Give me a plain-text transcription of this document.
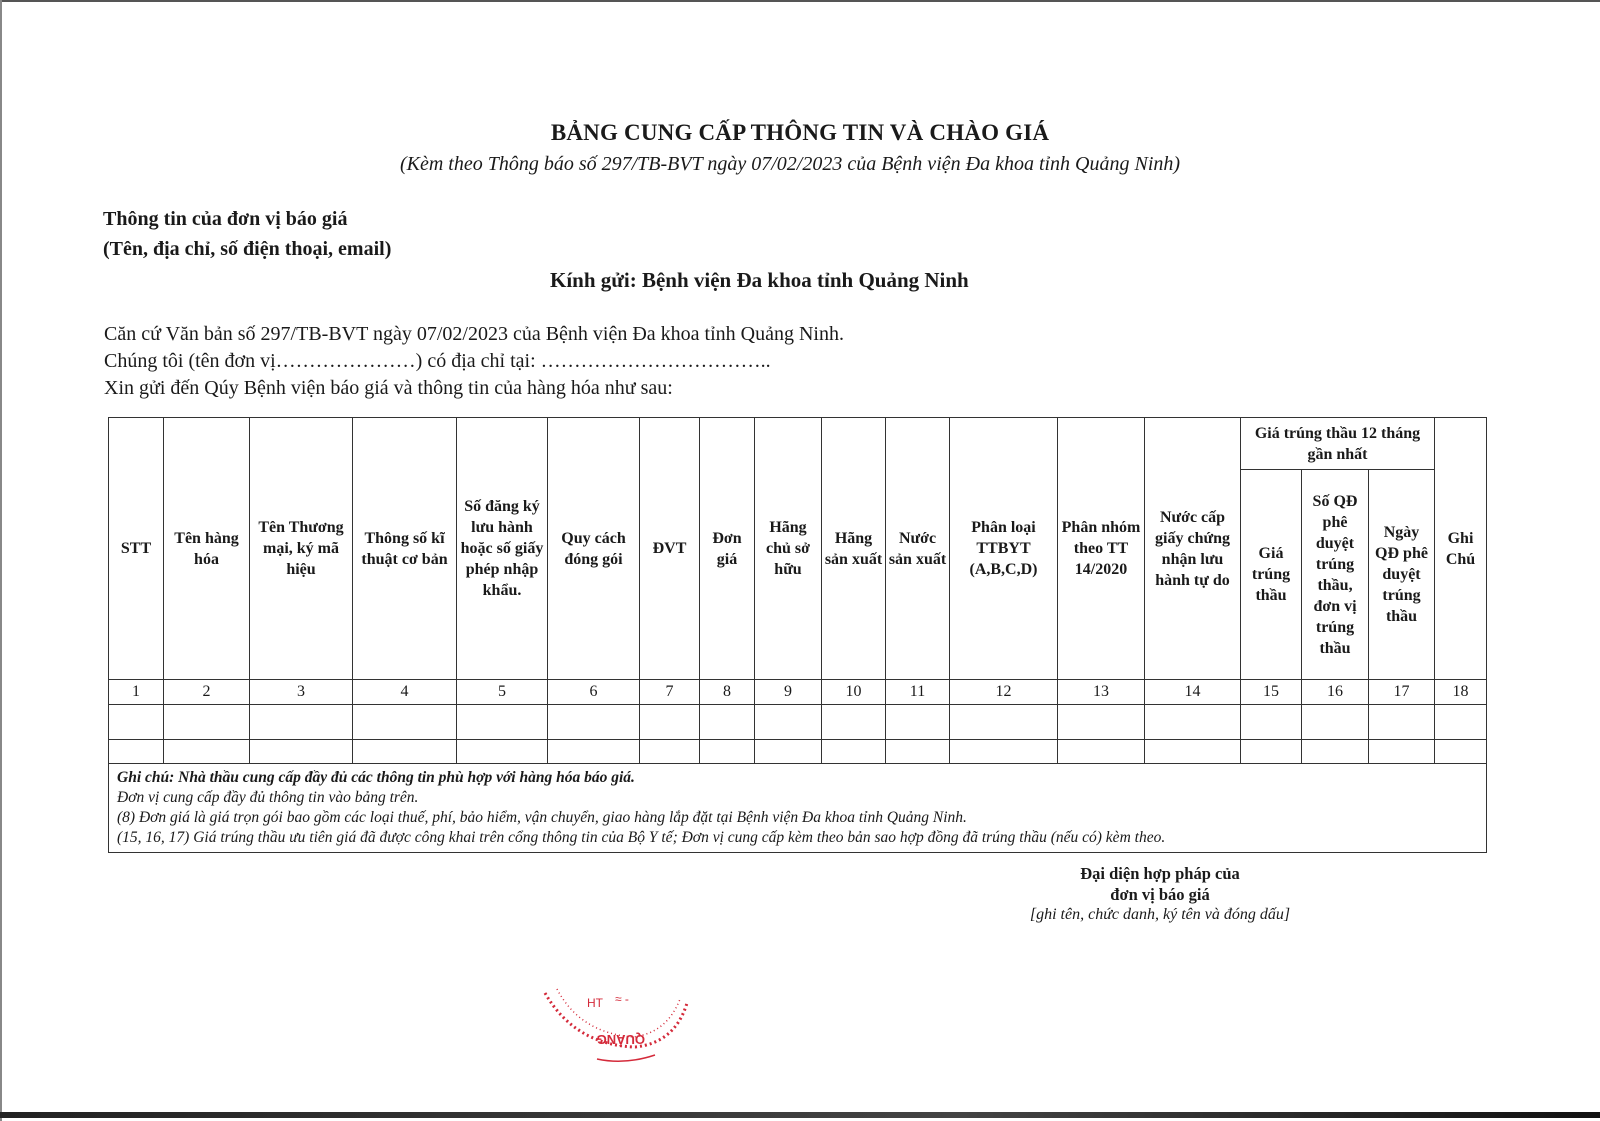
BẢNG CUNG CẤP THÔNG TIN VÀ CHÀO GIÁ
(Kèm theo Thông báo số 297/TB-BVT ngày 07/02/2023 của Bệnh viện Đa khoa tỉnh Quảng Ninh)
Thông tin của đơn vị báo giá
(Tên, địa chỉ, số điện thoại, email)
Kính gửi: Bệnh viện Đa khoa tỉnh Quảng Ninh
Căn cứ Văn bản số 297/TB-BVT ngày 07/02/2023 của Bệnh viện Đa khoa tỉnh Quảng Ninh.
Chúng tôi (tên đơn vị…………………) có địa chỉ tại: ……………………………..
Xin gửi đến Qúy Bệnh viện báo giá và thông tin của hàng hóa như sau:
STT	Tên hàng hóa	Tên Thương mại, ký mã hiệu	Thông số kĩ thuật cơ bản	Số đăng ký lưu hành hoặc số giấy phép nhập khẩu.	Quy cách đóng gói	ĐVT	Đơn giá	Hãng chủ sở hữu	Hãng sản xuất	Nước sản xuất	Phân loại TTBYT (A,B,C,D)	Phân nhóm theo TT 14/2020	Nước cấp giấy chứng nhận lưu hành tự do	Giá trúng thầu 12 tháng gần nhất			Ghi Chú
														Giá trúng thầu	Số QĐ phê duyệt trúng thầu, đơn vị trúng thầu	Ngày QĐ phê duyệt trúng thầu	
1	2	3	4	5	6	7	8	9	10	11	12	13	14	15	16	17	18

Ghi chú: Nhà thầu cung cấp đầy đủ các thông tin phù hợp với hàng hóa báo giá.
Đơn vị cung cấp đầy đủ thông tin vào bảng trên.
(8) Đơn giá là giá trọn gói bao gồm các loại thuế, phí, bảo hiểm, vận chuyển, giao hàng lắp đặt tại Bệnh viện Đa khoa tỉnh Quảng Ninh.
(15, 16, 17) Giá trúng thầu ưu tiên giá đã được công khai trên cổng thông tin của Bộ Y tế; Đơn vị cung cấp kèm theo bản sao hợp đồng đã trúng thầu (nếu có) kèm theo.																	
Đại diện hợp pháp của
đơn vị báo giá
[ghi tên, chức danh, ký tên và đóng dấu]
QUẢNG
HT ≈ -
